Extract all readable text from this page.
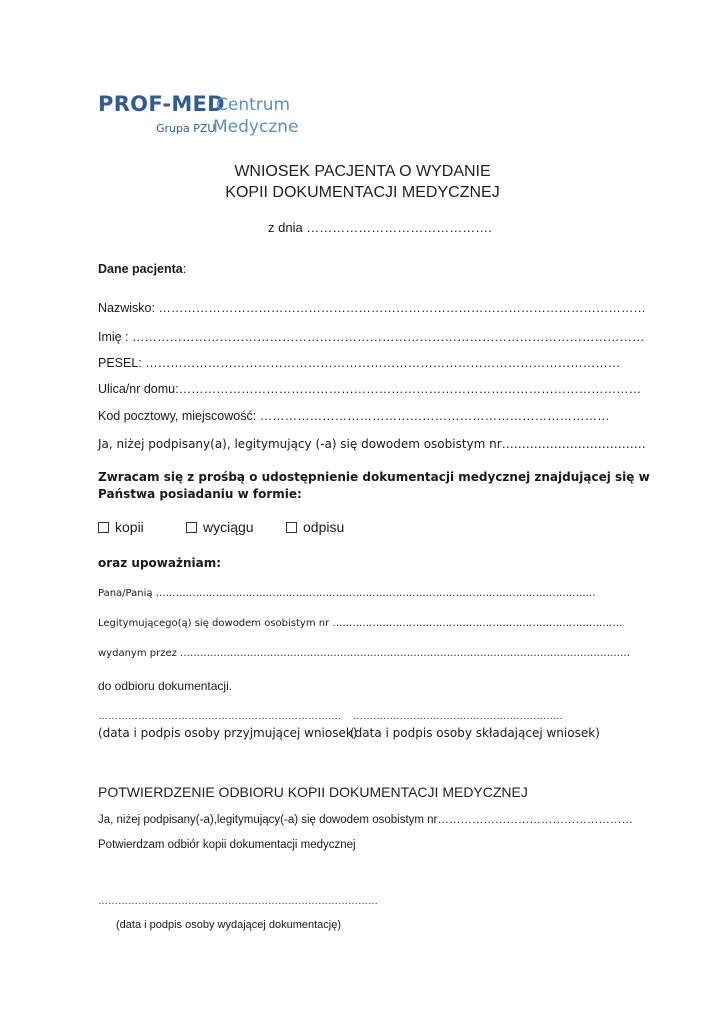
PROF-MED
Centrum
Grupa PZU
Medyczne
WNIOSEK PACJENTA O WYDANIE
KOPII DOKUMENTACJI MEDYCZNEJ
z dnia …………………………………….
Dane pacjenta:
Nazwisko: ………………………………………………………………………………………………………
Imię : ……………………………………………………………………………………………………………
PESEL: ……………………………………………………………………………………………………
Ulica/nr domu:…………………………………………………………………………………………………
Kod pocztowy, miejscowość: …………………………………………………………………………
Ja, niżej podpisany(a), legitymujący (-a) się dowodem osobistym nr………………………………
Zwracam się z prośbą o udostępnienie dokumentacji medycznej znajdującej się w
Państwa posiadaniu w formie:
kopii	wyciągu	odpisu
oraz upoważniam:
Pana/Panią ……………………………………………………………………………………………………………………
Legitymującego(ą) się dowodem osobistym nr ……………………………………………………………………………
wydanym przez ………………………………………………………………………………………………………………………
do odbioru dokumentacji.
………………………………………………………………. ………………………………………………………
(data i podpis osoby przyjmującej wniosek)
(data i podpis osoby składającej wniosek)
POTWIERDZENIE ODBIORU KOPII DOKUMENTACJI MEDYCZNEJ
Ja, niżej podpisany(-a),legitymujący(-a) się dowodem osobistym nr……………………………………………
Potwierdzam odbiór kopii dokumentacji medycznej
…………………………………………………………………………
(data i podpis osoby wydającej dokumentację)
